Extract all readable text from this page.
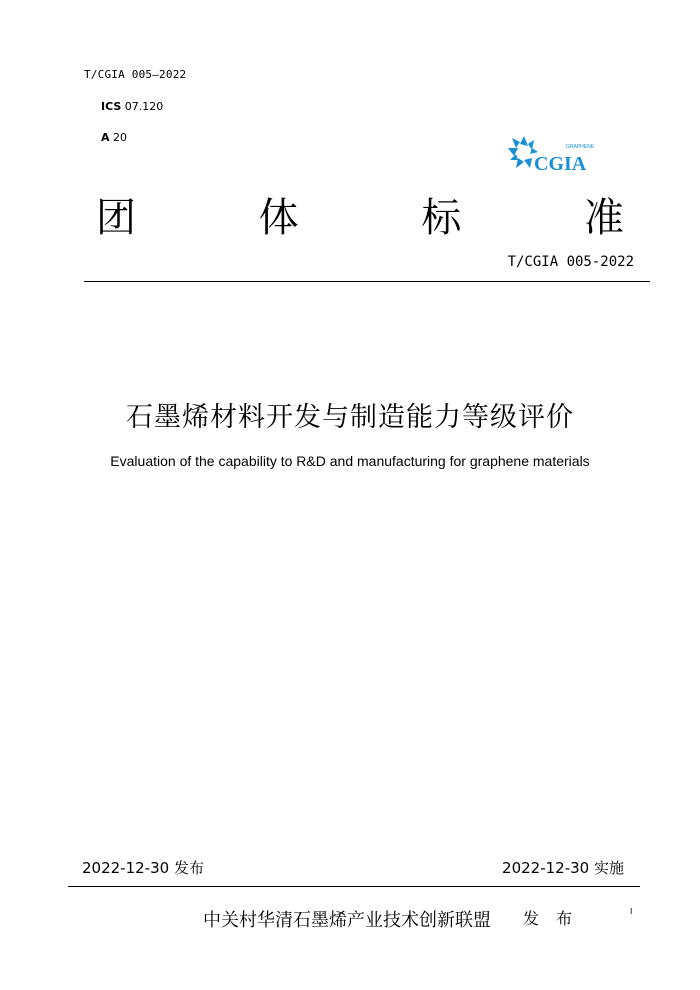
T/CGIA 005—2022
ICS 07.120
A 20
GRAPHENE
CGIA
团	体	标	准
T/CGIA 005-2022
石墨烯材料开发与制造能力等级评价
Evaluation of the capability to R&D and manufacturing for graphene materials
2022-12-30 发布	2022-12-30 实施
中关村华清石墨烯产业技术创新联盟 发 布	I
